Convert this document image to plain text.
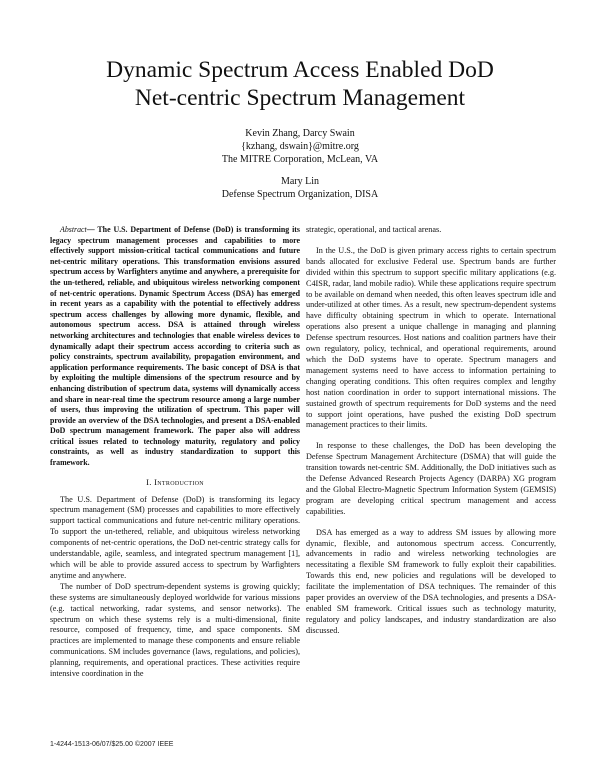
Dynamic Spectrum Access Enabled DoD
Net-centric Spectrum Management
Kevin Zhang, Darcy Swain
{kzhang, dswain}@mitre.org
The MITRE Corporation, McLean, VA
Mary Lin
Defense Spectrum Organization, DISA

Abstract— The U.S. Department of Defense (DoD) is transforming its legacy spectrum management processes and capabilities to more effectively support mission-critical tactical communications and future net-centric military operations. This transformation envisions assured spectrum access by Warfighters anytime and anywhere, a prerequisite for the un-tethered, reliable, and ubiquitous wireless networking component of net-centric operations. Dynamic Spectrum Access (DSA) has emerged in recent years as a capability with the potential to effectively address spectrum access challenges by allowing more dynamic, flexible, and autonomous spectrum access. DSA is attained through wireless networking architectures and technologies that enable wireless devices to dynamically adapt their spectrum access according to criteria such as policy constraints, spectrum availability, propagation environment, and application performance requirements. The basic concept of DSA is that by exploiting the multiple dimensions of the spectrum resource and by enhancing distribution of spectrum data, systems will dynamically access and share in near-real time the spectrum resource among a large number of users, thus improving the utilization of spectrum. This paper will provide an overview of the DSA technologies, and present a DSA-enabled DoD spectrum management framework. The paper also will address critical issues related to technology maturity, regulatory and policy constraints, as well as industry standardization to support this framework.

I. Introduction

The U.S. Department of Defense (DoD) is transforming its legacy spectrum management (SM) processes and capabilities to more effectively support tactical communications and future net-centric military operations. To support the un-tethered, reliable, and ubiquitous wireless networking components of net-centric operations, the DoD net-centric strategy calls for understandable, agile, seamless, and integrated spectrum management [1], which will be able to provide assured access to spectrum by Warfighters anytime and anywhere.

The number of DoD spectrum-dependent systems is growing quickly; these systems are simultaneously deployed worldwide for various missions (e.g. tactical networking, radar systems, and sensor networks). The spectrum on which these systems rely is a multi-dimensional, finite resource, composed of frequency, time, and space components. SM practices are implemented to manage these components and ensure reliable communications. SM includes governance (laws, regulations, and policies), planning, requirements, and operational practices. These activities require intensive coordination in the

strategic, operational, and tactical arenas.

In the U.S., the DoD is given primary access rights to certain spectrum bands allocated for exclusive Federal use. Spectrum bands are further divided within this spectrum to support specific military applications (e.g. C4ISR, radar, land mobile radio). While these applications require spectrum to be available on demand when needed, this often leaves spectrum idle and under-utilized at other times. As a result, new spectrum-dependent systems have difficulty obtaining spectrum in which to operate. International operations also present a unique challenge in managing and planning Defense spectrum resources. Host nations and coalition partners have their own regulatory, policy, technical, and operational requirements, around which the DoD systems have to operate. Spectrum managers and management systems need to have access to information pertaining to changing operating conditions. This often requires complex and lengthy host nation coordination in order to support international missions. The sustained growth of spectrum requirements for DoD systems and the need to support joint operations, have pushed the existing DoD spectrum management practices to their limits.

In response to these challenges, the DoD has been developing the Defense Spectrum Management Architecture (DSMA) that will guide the transition towards net-centric SM. Additionally, the DoD initiatives such as the Defense Advanced Research Projects Agency (DARPA) XG program and the Global Electro-Magnetic Spectrum Information System (GEMSIS) program are developing critical spectrum management and access capabilities.

DSA has emerged as a way to address SM issues by allowing more dynamic, flexible, and autonomous spectrum access. Concurrently, advancements in radio and wireless networking technologies are necessitating a flexible SM framework to fully exploit their capabilities. Towards this end, new policies and regulations will be developed to facilitate the implementation of DSA techniques. The remainder of this paper provides an overview of the DSA technologies, and presents a DSA-enabled SM framework. Critical issues such as technology maturity, regulatory and policy landscapes, and industry standardization are also discussed.

1-4244-1513-06/07/$25.00 ©2007 IEEE
